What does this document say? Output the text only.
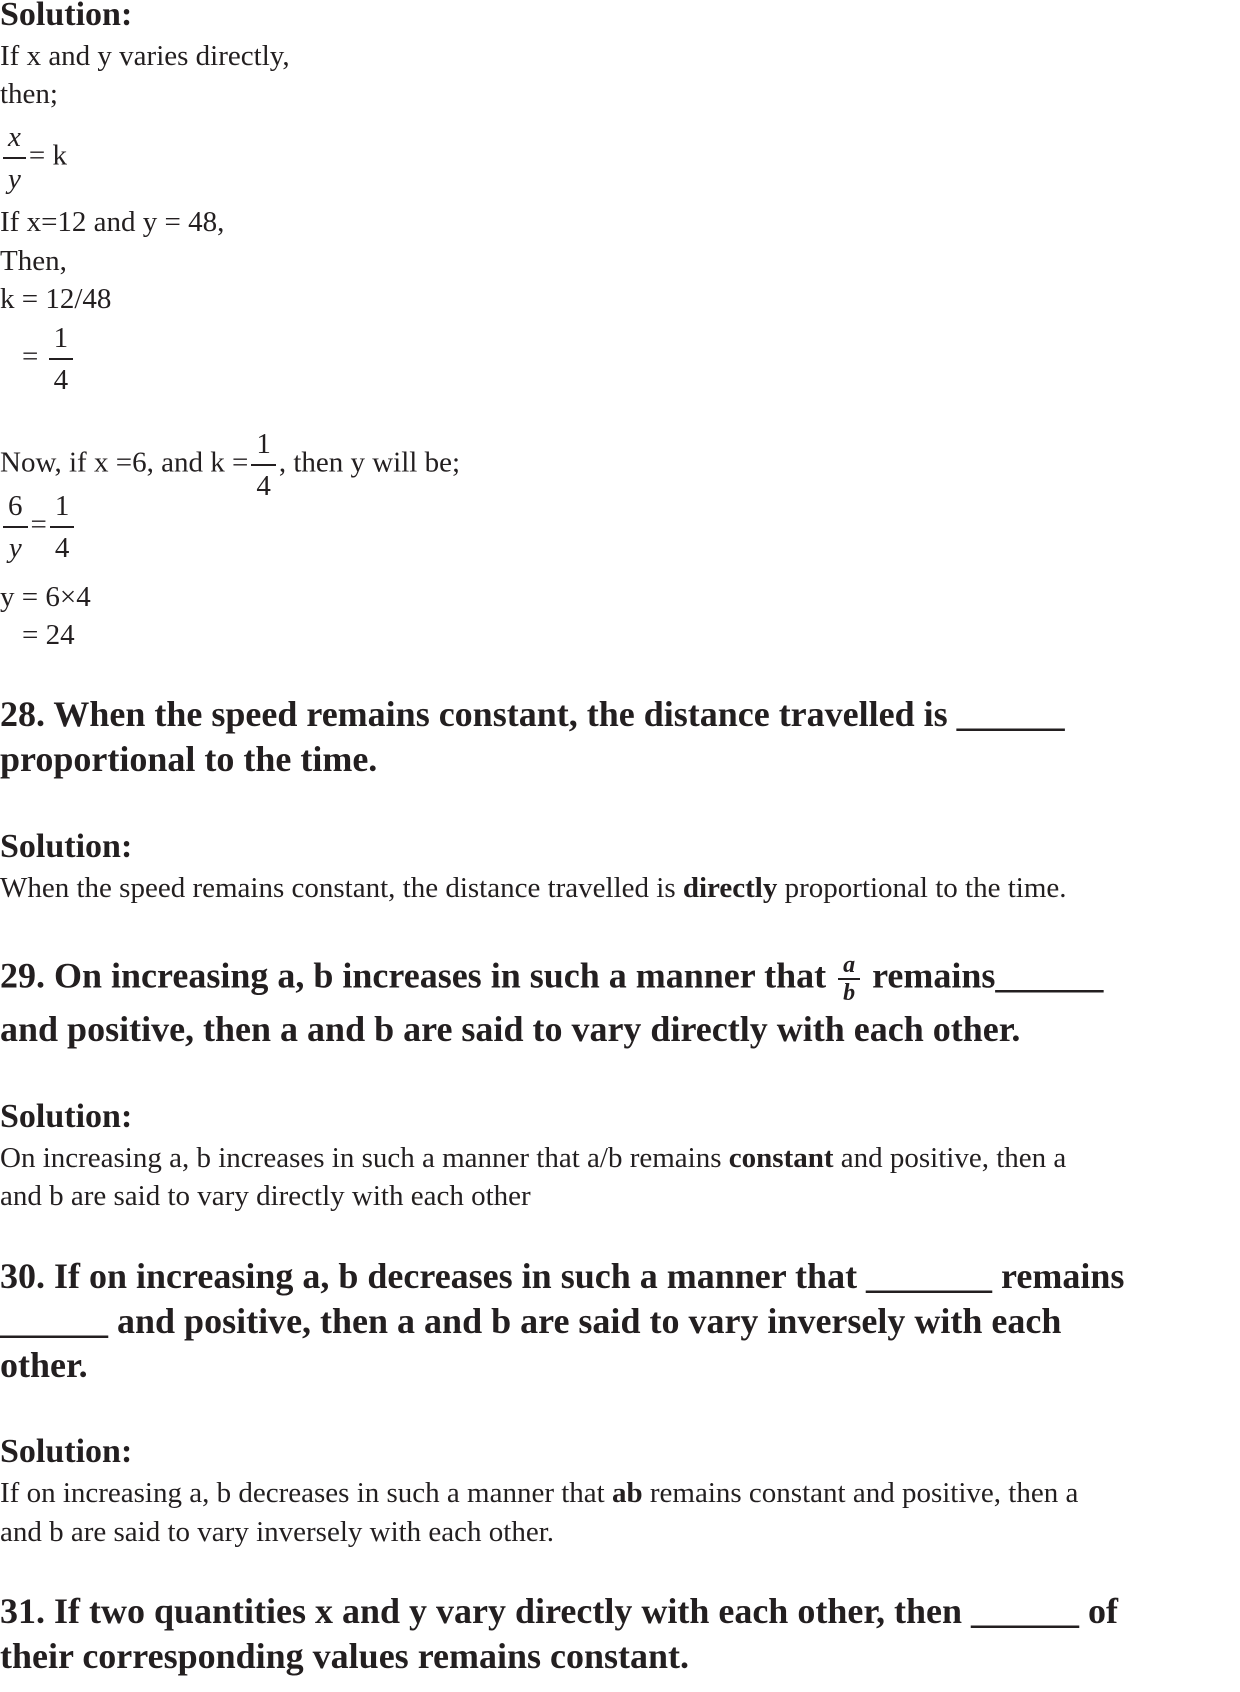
Solution:
If x and y varies directly,
then;
$\frac{x}{y} = k$
If x=12 and y = 48,
Then,
k = 12/48
= $\frac{1}{4}$
Now, if x =6, and $k = \frac{1}{4}$ , then y will be;
$\frac{6}{y} = \frac{1}{4}$
y = 6×4
= 24
28. When the speed remains constant, the distance travelled is ______
proportional to the time.
Solution:
When the speed remains constant, the distance travelled is directly proportional to the time.
29. On increasing a, b increases in such a manner that $\frac{a}{b}$ remains______
and positive, then a and b are said to vary directly with each other.
Solution:
On increasing a, b increases in such a manner that a/b remains constant and positive, then a
and b are said to vary directly with each other
30. If on increasing a, b decreases in such a manner that _______ remains
______ and positive, then a and b are said to vary inversely with each
other.
Solution:
If on increasing a, b decreases in such a manner that ab remains constant and positive, then a
and b are said to vary inversely with each other.
31. If two quantities x and y vary directly with each other, then ______ of
their corresponding values remains constant.
